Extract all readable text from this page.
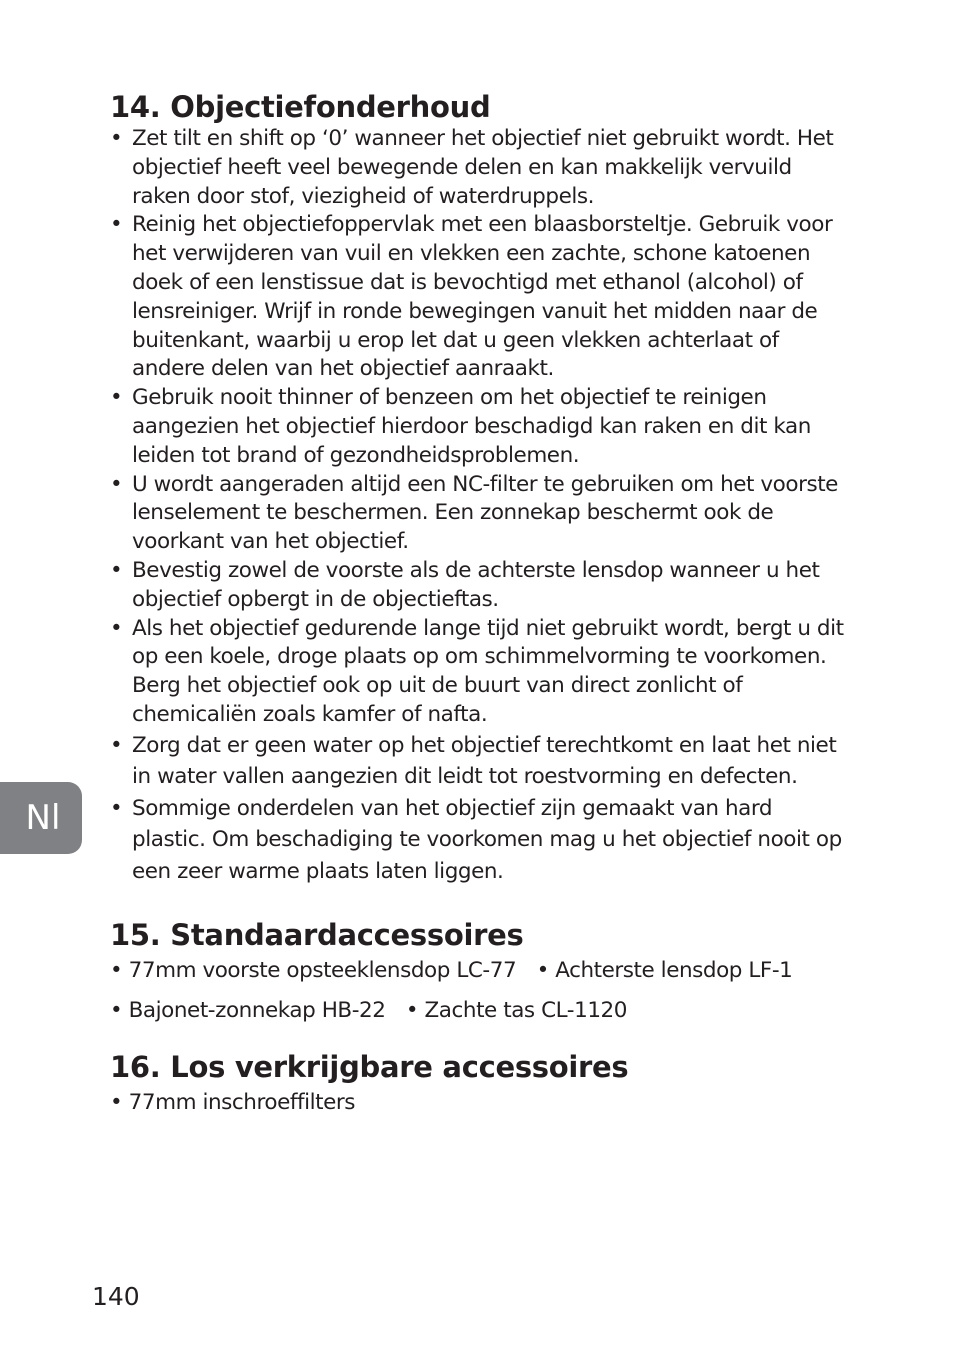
14. Objectiefonderhoud
• Zet tilt en shift op ‘0’ wanneer het objectief niet gebruikt wordt. Het objectief heeft veel bewegende delen en kan makkelijk vervuild raken door stof, viezigheid of waterdruppels.
• Reinig het objectiefoppervlak met een blaasborsteltje. Gebruik voor het verwijderen van vuil en vlekken een zachte, schone katoenen doek of een lenstissue dat is bevochtigd met ethanol (alcohol) of lensreiniger. Wrijf in ronde bewegingen vanuit het midden naar de buitenkant, waarbij u erop let dat u geen vlekken achterlaat of andere delen van het objectief aanraakt.
• Gebruik nooit thinner of benzeen om het objectief te reinigen aangezien het objectief hierdoor beschadigd kan raken en dit kan leiden tot brand of gezondheidsproblemen.
• U wordt aangeraden altijd een NC-filter te gebruiken om het voorste lenselement te beschermen. Een zonnekap beschermt ook de voorkant van het objectief.
• Bevestig zowel de voorste als de achterste lensdop wanneer u het objectief opbergt in de objectieftas.
• Als het objectief gedurende lange tijd niet gebruikt wordt, bergt u dit op een koele, droge plaats op om schimmelvorming te voorkomen. Berg het objectief ook op uit de buurt van direct zonlicht of chemicaliën zoals kamfer of nafta.
• Zorg dat er geen water op het objectief terechtkomt en laat het niet in water vallen aangezien dit leidt tot roestvorming en defecten.
• Sommige onderdelen van het objectief zijn gemaakt van hard plastic. Om beschadiging te voorkomen mag u het objectief nooit op een zeer warme plaats laten liggen.
15. Standaardaccessoires
• 77mm voorste opsteeklensdop LC-77 • Achterste lensdop LF-1
• Bajonet-zonnekap HB-22 • Zachte tas CL-1120
16. Los verkrijgbare accessoires
• 77mm inschroeffilters
Nl
140
